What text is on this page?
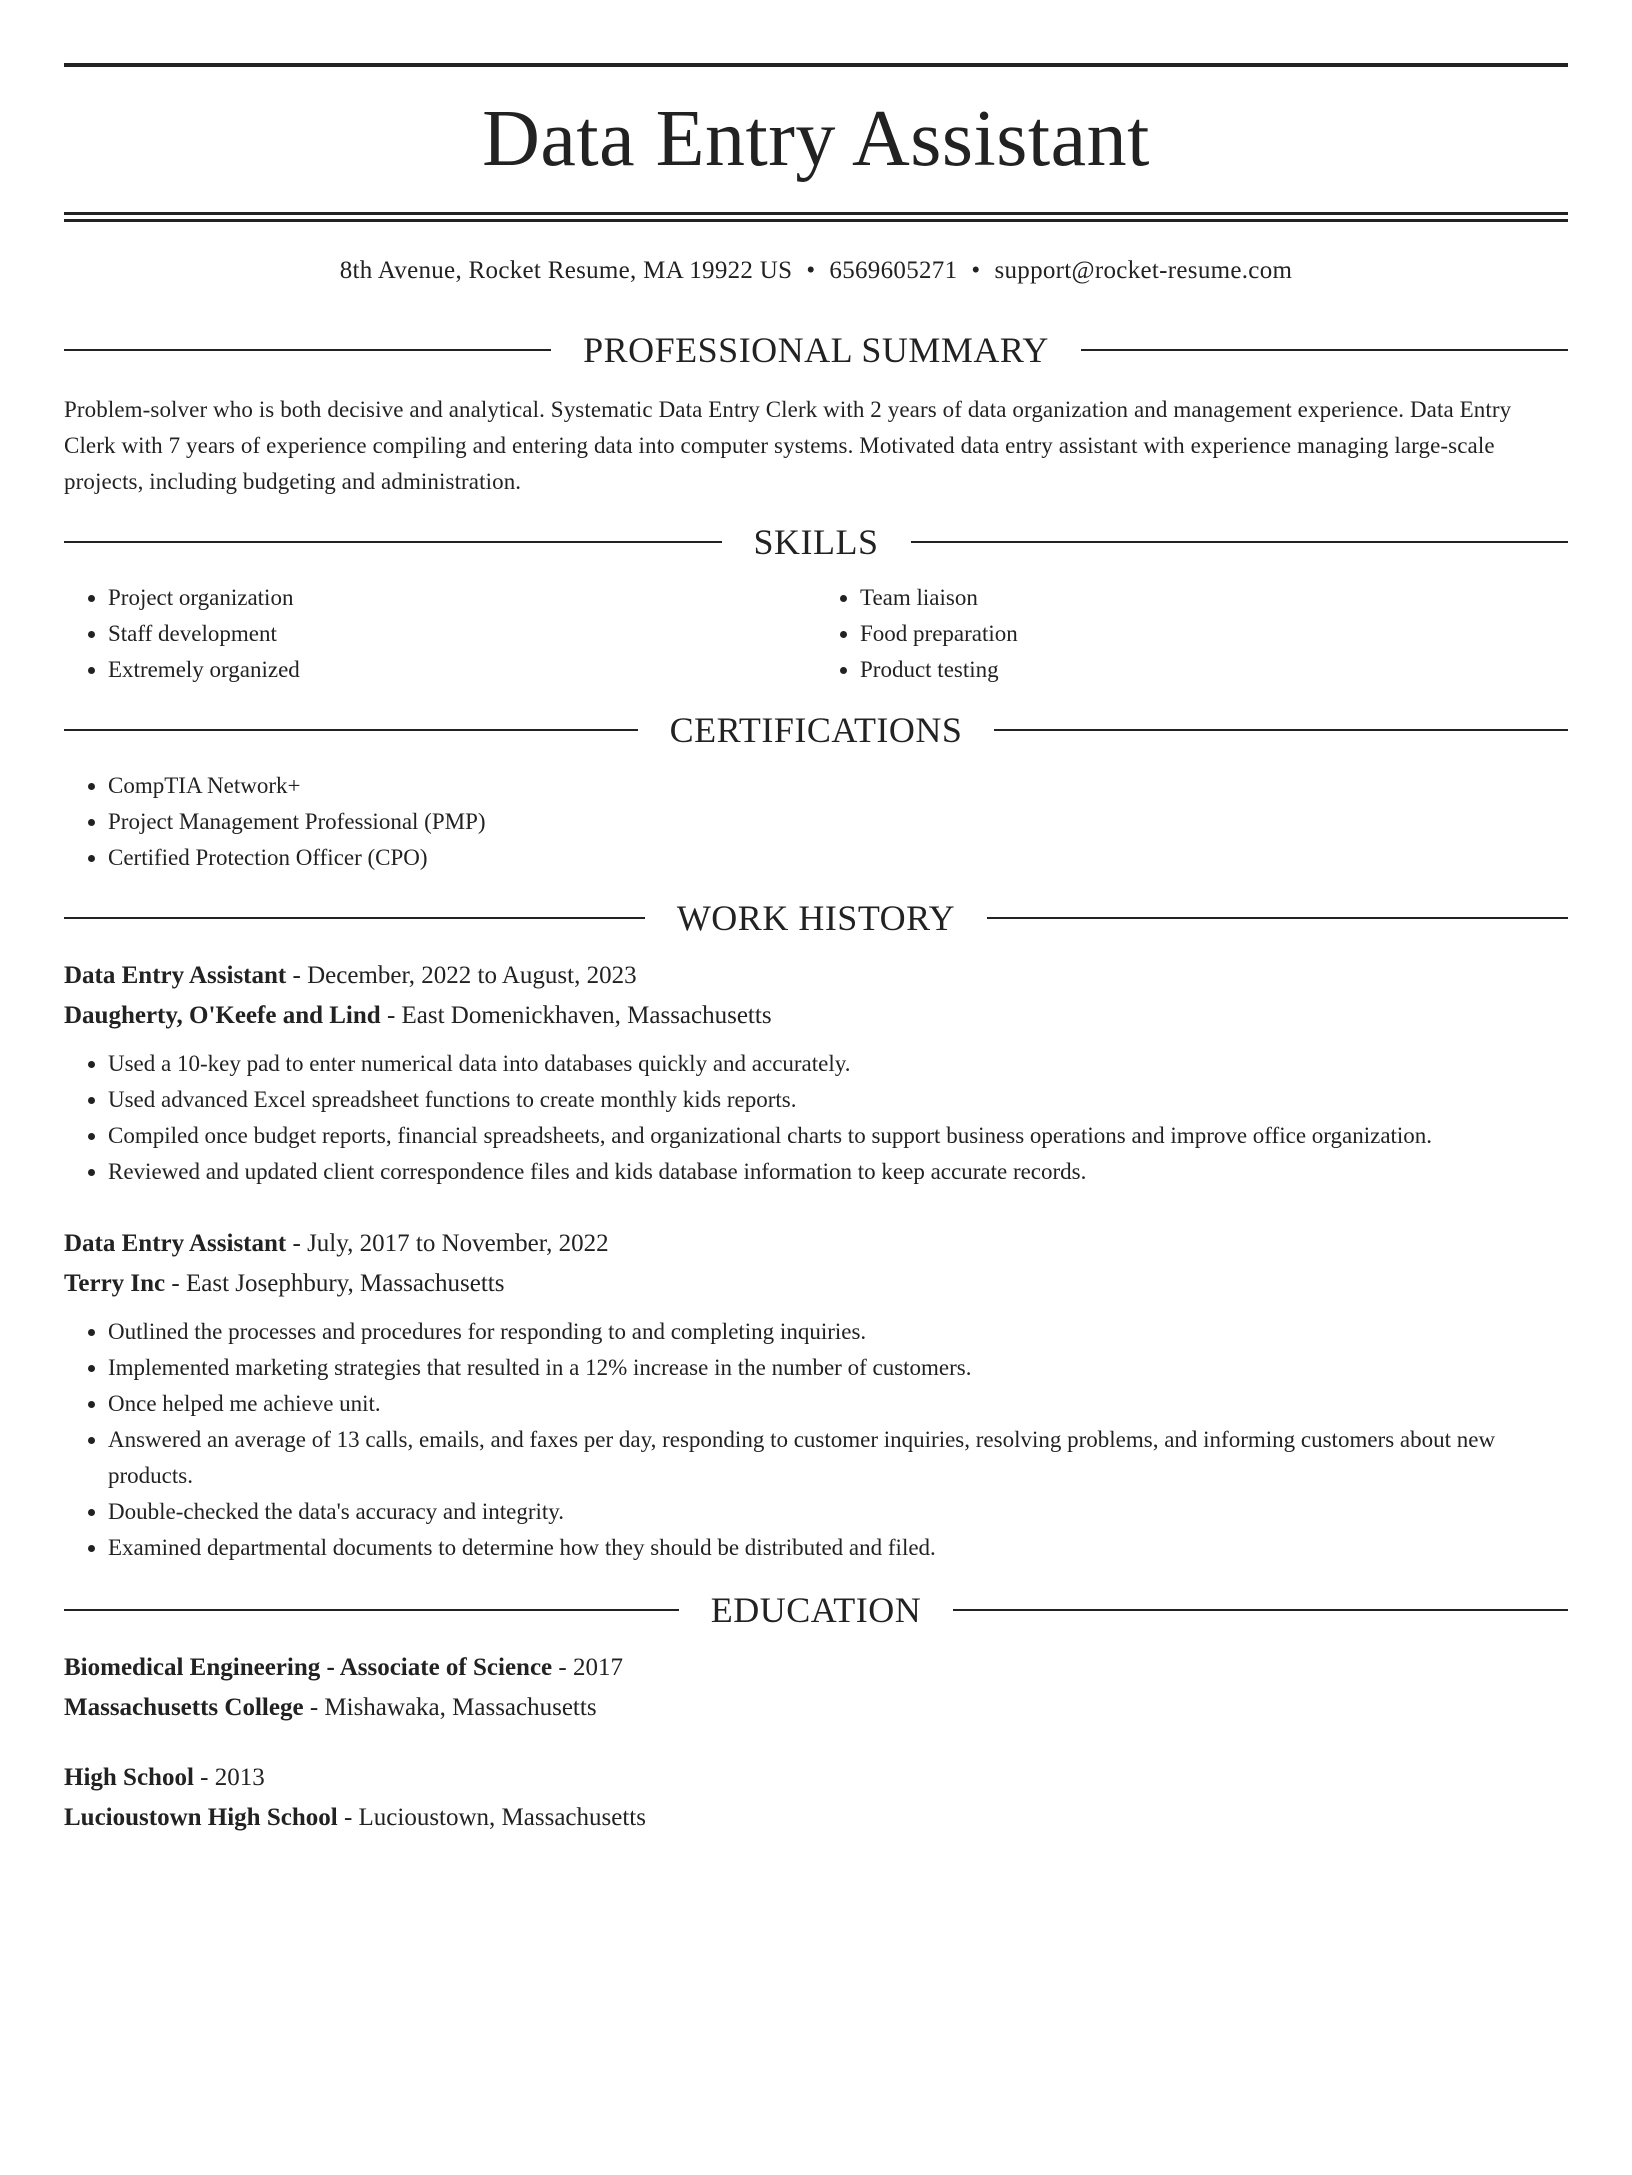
Data Entry Assistant
8th Avenue, Rocket Resume, MA 19922 US • 6569605271 • support@rocket-resume.com
PROFESSIONAL SUMMARY
Problem-solver who is both decisive and analytical. Systematic Data Entry Clerk with 2 years of data organization and management experience. Data Entry Clerk with 7 years of experience compiling and entering data into computer systems. Motivated data entry assistant with experience managing large-scale projects, including budgeting and administration.
SKILLS
• Project organization
• Staff development
• Extremely organized
• Team liaison
• Food preparation
• Product testing
CERTIFICATIONS
• CompTIA Network+
• Project Management Professional (PMP)
• Certified Protection Officer (CPO)
WORK HISTORY
Data Entry Assistant - December, 2022 to August, 2023
Daugherty, O'Keefe and Lind - East Domenickhaven, Massachusetts
• Used a 10-key pad to enter numerical data into databases quickly and accurately.
• Used advanced Excel spreadsheet functions to create monthly kids reports.
• Compiled once budget reports, financial spreadsheets, and organizational charts to support business operations and improve office organization.
• Reviewed and updated client correspondence files and kids database information to keep accurate records.
Data Entry Assistant - July, 2017 to November, 2022
Terry Inc - East Josephbury, Massachusetts
• Outlined the processes and procedures for responding to and completing inquiries.
• Implemented marketing strategies that resulted in a 12% increase in the number of customers.
• Once helped me achieve unit.
• Answered an average of 13 calls, emails, and faxes per day, responding to customer inquiries, resolving problems, and informing customers about new products.
• Double-checked the data's accuracy and integrity.
• Examined departmental documents to determine how they should be distributed and filed.
EDUCATION
Biomedical Engineering - Associate of Science - 2017
Massachusetts College - Mishawaka, Massachusetts
High School - 2013
Lucioustown High School - Lucioustown, Massachusetts
